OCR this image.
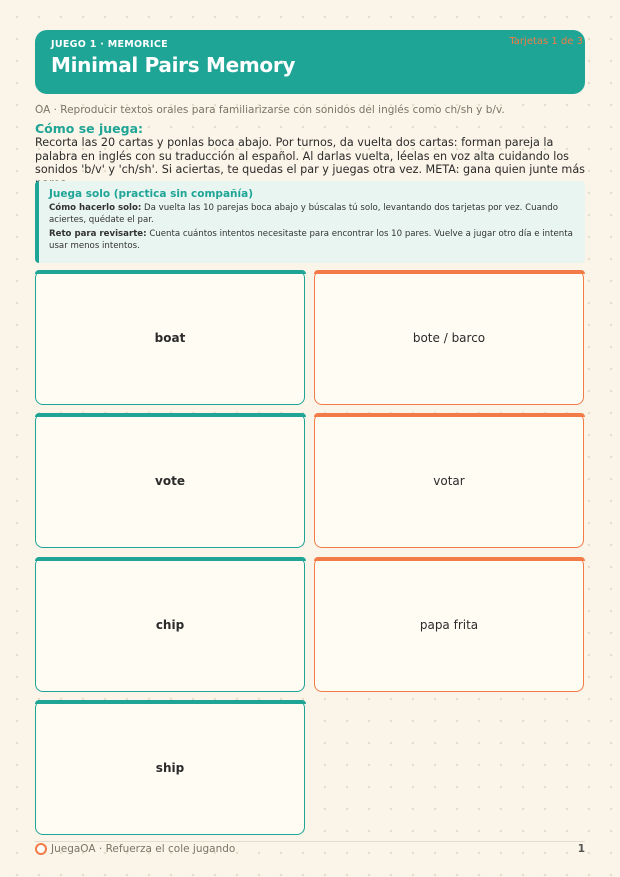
JUEGO 1 · MEMORICE
Minimal Pairs Memory
Tarjetas 1 de 3
OA · Reproducir textos orales para familiarizarse con sonidos del inglés como ch/sh y b/v.
Cómo se juega:
Recorta las 20 cartas y ponlas boca abajo. Por turnos, da vuelta dos cartas: forman pareja la palabra en inglés con su traducción al español. Al darlas vuelta, léelas en voz alta cuidando los sonidos 'b/v' y 'ch/sh'. Si aciertas, te quedas el par y juegas otra vez. META: gana quien junte más
Juega solo (practica sin compañía)

Cómo hacerlo solo: Da vuelta las 10 parejas boca abajo y búscalas tú solo, levantando dos tarjetas por vez. Cuando aciertes, quédate el par.

Reto para revisarte: Cuenta cuántos intentos necesitaste para encontrar los 10 pares. Vuelve a jugar otro día e intenta usar menos intentos.

boat	bote / barco
vote	votar
chip	papa frita
ship
JuegaOA · Refuerza el cole jugando	1
